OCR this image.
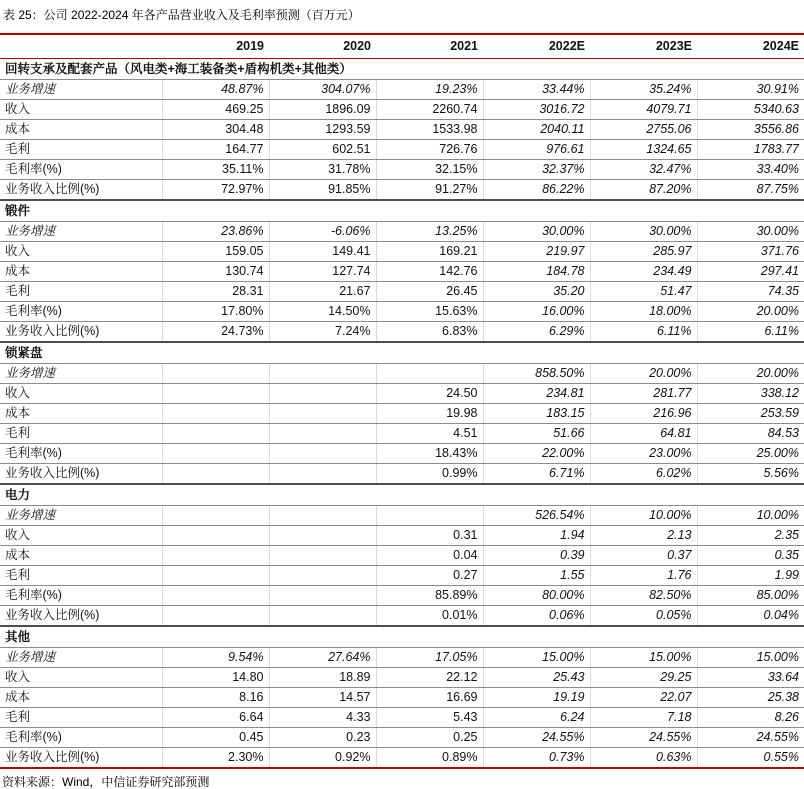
表 25：公司 2022-2024 年各产品营业收入及毛利率预测（百万元）
	2019	2020	2021	2022E	2023E	2024E
回转支承及配套产品（风电类+海工装备类+盾构机类+其他类）						
业务增速	48.87%	304.07%	19.23%	33.44%	35.24%	30.91%
收入	469.25	1896.09	2260.74	3016.72	4079.71	5340.63
成本	304.48	1293.59	1533.98	2040.11	2755.06	3556.86
毛利	164.77	602.51	726.76	976.61	1324.65	1783.77
毛利率(%)	35.11%	31.78%	32.15%	32.37%	32.47%	33.40%
业务收入比例(%)	72.97%	91.85%	91.27%	86.22%	87.20%	87.75%
锻件						
业务增速	23.86%	-6.06%	13.25%	30.00%	30.00%	30.00%
收入	159.05	149.41	169.21	219.97	285.97	371.76
成本	130.74	127.74	142.76	184.78	234.49	297.41
毛利	28.31	21.67	26.45	35.20	51.47	74.35
毛利率(%)	17.80%	14.50%	15.63%	16.00%	18.00%	20.00%
业务收入比例(%)	24.73%	7.24%	6.83%	6.29%	6.11%	6.11%
锁紧盘						
业务增速				858.50%	20.00%	20.00%
收入			24.50	234.81	281.77	338.12
成本			19.98	183.15	216.96	253.59
毛利			4.51	51.66	64.81	84.53
毛利率(%)			18.43%	22.00%	23.00%	25.00%
业务收入比例(%)			0.99%	6.71%	6.02%	5.56%
电力						
业务增速				526.54%	10.00%	10.00%
收入			0.31	1.94	2.13	2.35
成本			0.04	0.39	0.37	0.35
毛利			0.27	1.55	1.76	1.99
毛利率(%)			85.89%	80.00%	82.50%	85.00%
业务收入比例(%)			0.01%	0.06%	0.05%	0.04%
其他						
业务增速	9.54%	27.64%	17.05%	15.00%	15.00%	15.00%
收入	14.80	18.89	22.12	25.43	29.25	33.64
成本	8.16	14.57	16.69	19.19	22.07	25.38
毛利	6.64	4.33	5.43	6.24	7.18	8.26
毛利率(%)	0.45	0.23	0.25	24.55%	24.55%	24.55%
业务收入比例(%)	2.30%	0.92%	0.89%	0.73%	0.63%	0.55%
资料来源：Wind，中信证券研究部预测
